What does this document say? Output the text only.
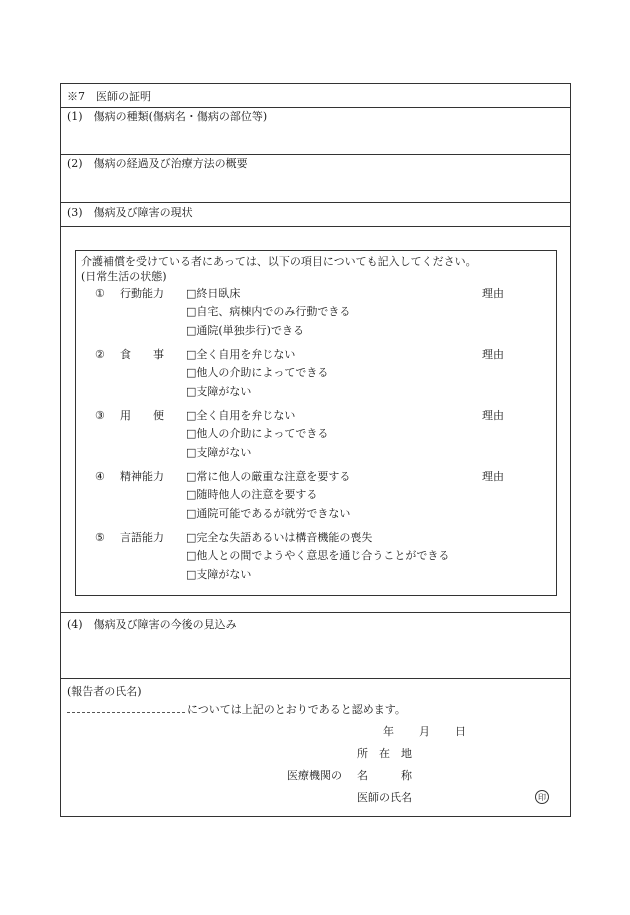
※7　医師の証明
(1)　傷病の種類(傷病名・傷病の部位等)
(2)　傷病の経過及び治療方法の概要
(3)　傷病及び障害の現状
介護補償を受けている者にあっては、以下の項目についても記入してください。
(日常生活の状態)
① 行動能力	理由
□終日臥床
□自宅、病棟内でのみ行動できる
□通院(単独歩行)できる
② 食　　事	理由
□全く自用を弁じない
□他人の介助によってできる
□支障がない
③ 用　　便	理由
□全く自用を弁じない
□他人の介助によってできる
□支障がない
④ 精神能力	理由
□常に他人の厳重な注意を要する
□随時他人の注意を要する
□通院可能であるが就労できない
⑤ 言語能力 □完全な失語あるいは構音機能の喪失
□他人との間でようやく意思を通じ合うことができる
□支障がない
(4)　傷病及び障害の今後の見込み
(報告者の氏名)
については上記のとおりであると認めます。
年 月 日
所　在　地
医療機関の 名　　　称
医師の氏名	印
